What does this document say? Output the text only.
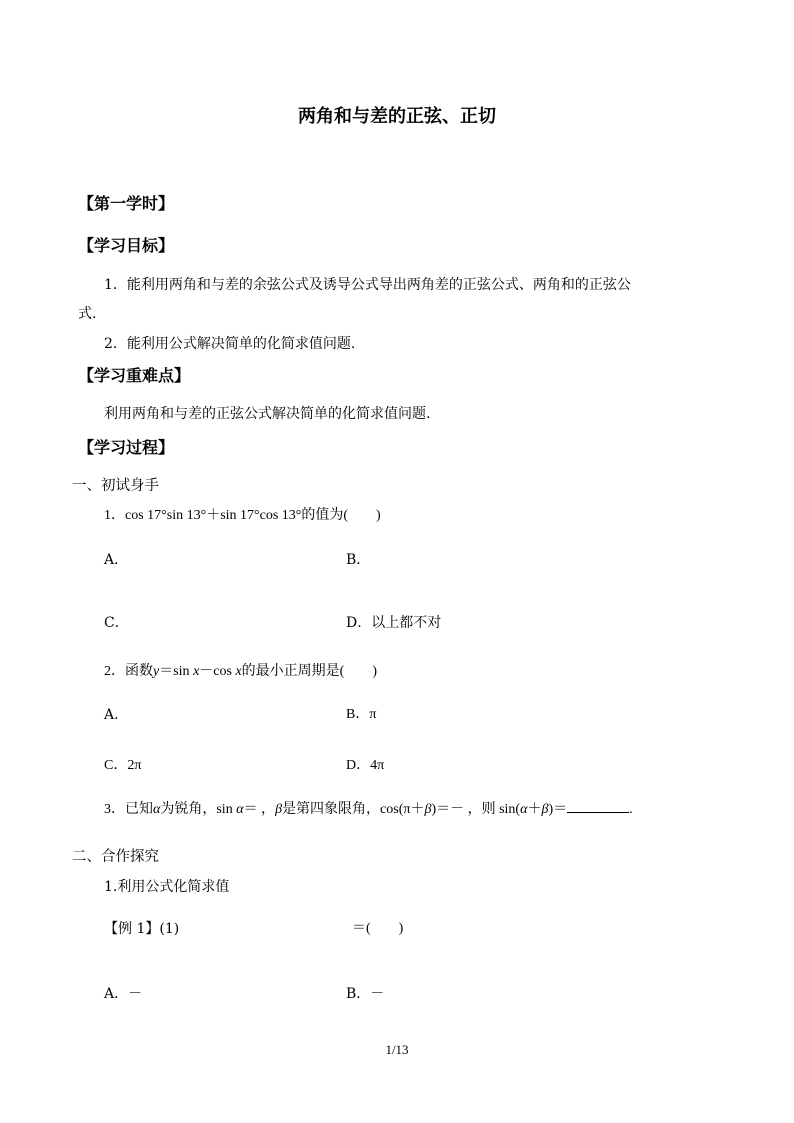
两角和与差的正弦、正切
【第一学时】
【学习目标】
1．能利用两角和与差的余弦公式及诱导公式导出两角差的正弦公式、两角和的正弦公
式.
2．能利用公式解决简单的化简求值问题.
【学习重难点】
利用两角和与差的正弦公式解决简单的化简求值问题.
【学习过程】
一、初试身手
1．cos 17°sin 13°＋sin 17°cos 13°的值为(　　)
A．	B．
C．	D．以上都不对
2．函数y＝sin x－cos x的最小正周期是(　　)
A．	B．π
C．2π	D．4π
3．已知α为锐角，sin α＝ ，β是第四象限角，cos(π＋β)＝－ ，则 sin(α＋β)＝	.
二、合作探究
1.利用公式化简求值
【例 1】(1)	＝(　　)
A．－	B．－
1/13
